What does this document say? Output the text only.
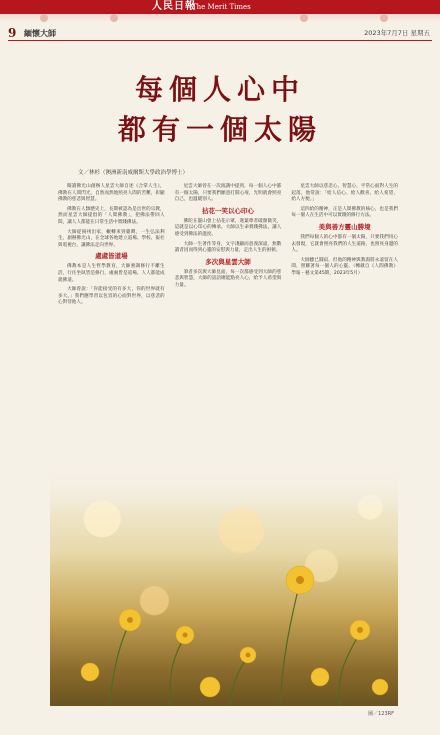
人民日報
The Merit Times
9 緬懷大師	2023年7月7日 星期五
每個人心中
都有一個太陽
文／林杉（澳洲新南威爾斯大學政治學博士）

閱讀佛光山創辦人星雲大師自述《合掌人生》，佛教在人間閃光，自然而然地照亮人間的苦難，彰顯佛教的慈悲與智慧。

佛教在人類歷史上，長期被認為是出世的宗教，然而星雲大師提倡的「人間佛教」，把佛法帶回人間，讓人人都能在日常生活中實踐佛法。

大師從揚州出家，輾轉來到臺灣，一生弘法利生，創辦佛光山，在全球各地建立道場、學校、報社與電視台，讓佛法走向世界。

處處皆道場

佛教本是人生哲學教育，大師強調修行不離生活，行住坐臥皆是修行，處處皆是道場，人人都能成就佛道。

大師曾說：「你能接受的有多大，你的世界就有多大。」我們應學習以包容的心面對世界，以慈悲的心對待他人。

星雲大師曾在一次演講中提到，每一個人心中都有一個太陽，只要我們願意打開心扉，光明就會照亮自己，也溫暖別人。

拈花一笑以心印心

佛陀在靈山會上拈花示眾，迦葉尊者破顏微笑，這就是以心印心的傳承。大師以生命實踐佛法，讓人感受到佛法的溫度。

大師一生著作等身，文字淺顯而意義深遠，無數讀者因而得到心靈的安慰與力量，走出人生的困頓。

多次與星雲大師

筆者多次與大師見面，每一次都感受到大師的慈悲與智慧，大師的話語總能點亮人心，給予人希望與力量。

星雲大師以慈悲心、智慧心、平常心面對人生的起落，他常說：「給人信心、給人歡喜、給人希望、給人方便。」

這四給的精神，正是人間佛教的核心，也是我們每一個人在生活中可以實踐的修行方法。

美與善方靈山勝境

我們每個人的心中都有一個太陽，只要我們用心去發現，它就會照亮我們的人生道路，也照亮身邊的人。

大師雖已圓寂，但他的精神與教誨將永遠留在人間，照耀著每一個人的心靈。（轉載自《人間佛教》學報・藝文第45期，2023年5月）

圖／123RF
